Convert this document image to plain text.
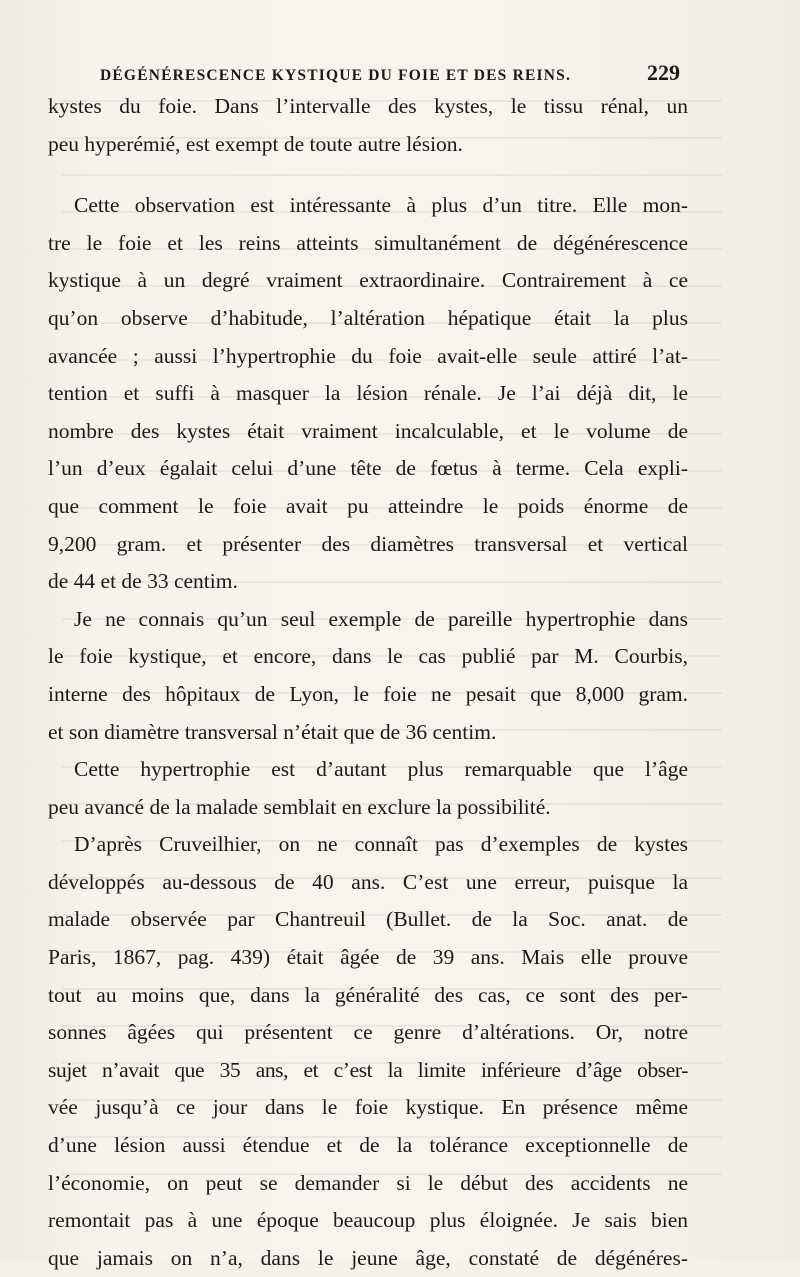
DÉGÉNÉRESCENCE KYSTIQUE DU FOIE ET DES REINS.	229
kystes du foie. Dans l’intervalle des kystes, le tissu rénal, un
peu hyperémié, est exempt de toute autre lésion.
Cette observation est intéressante à plus d’un titre. Elle mon-
tre le foie et les reins atteints simultanément de dégénérescence
kystique à un degré vraiment extraordinaire. Contrairement à ce
qu’on observe d’habitude, l’altération hépatique était la plus
avancée ; aussi l’hypertrophie du foie avait-elle seule attiré l’at-
tention et suffi à masquer la lésion rénale. Je l’ai déjà dit, le
nombre des kystes était vraiment incalculable, et le volume de
l’un d’eux égalait celui d’une tête de fœtus à terme. Cela expli-
que comment le foie avait pu atteindre le poids énorme de
9,200 gram. et présenter des diamètres transversal et vertical
de 44 et de 33 centim.
Je ne connais qu’un seul exemple de pareille hypertrophie dans
le foie kystique, et encore, dans le cas publié par M. Courbis,
interne des hôpitaux de Lyon, le foie ne pesait que 8,000 gram.
et son diamètre transversal n’était que de 36 centim.
Cette hypertrophie est d’autant plus remarquable que l’âge
peu avancé de la malade semblait en exclure la possibilité.
D’après Cruveilhier, on ne connaît pas d’exemples de kystes
développés au-dessous de 40 ans. C’est une erreur, puisque la
malade observée par Chantreuil (Bullet. de la Soc. anat. de
Paris, 1867, pag. 439) était âgée de 39 ans. Mais elle prouve
tout au moins que, dans la généralité des cas, ce sont des per-
sonnes âgées qui présentent ce genre d’altérations. Or, notre
sujet n’avait que 35 ans, et c’est la limite inférieure d’âge obser-
vée jusqu’à ce jour dans le foie kystique. En présence même
d’une lésion aussi étendue et de la tolérance exceptionnelle de
l’économie, on peut se demander si le début des accidents ne
remontait pas à une époque beaucoup plus éloignée. Je sais bien
que jamais on n’a, dans le jeune âge, constaté de dégénéres-
